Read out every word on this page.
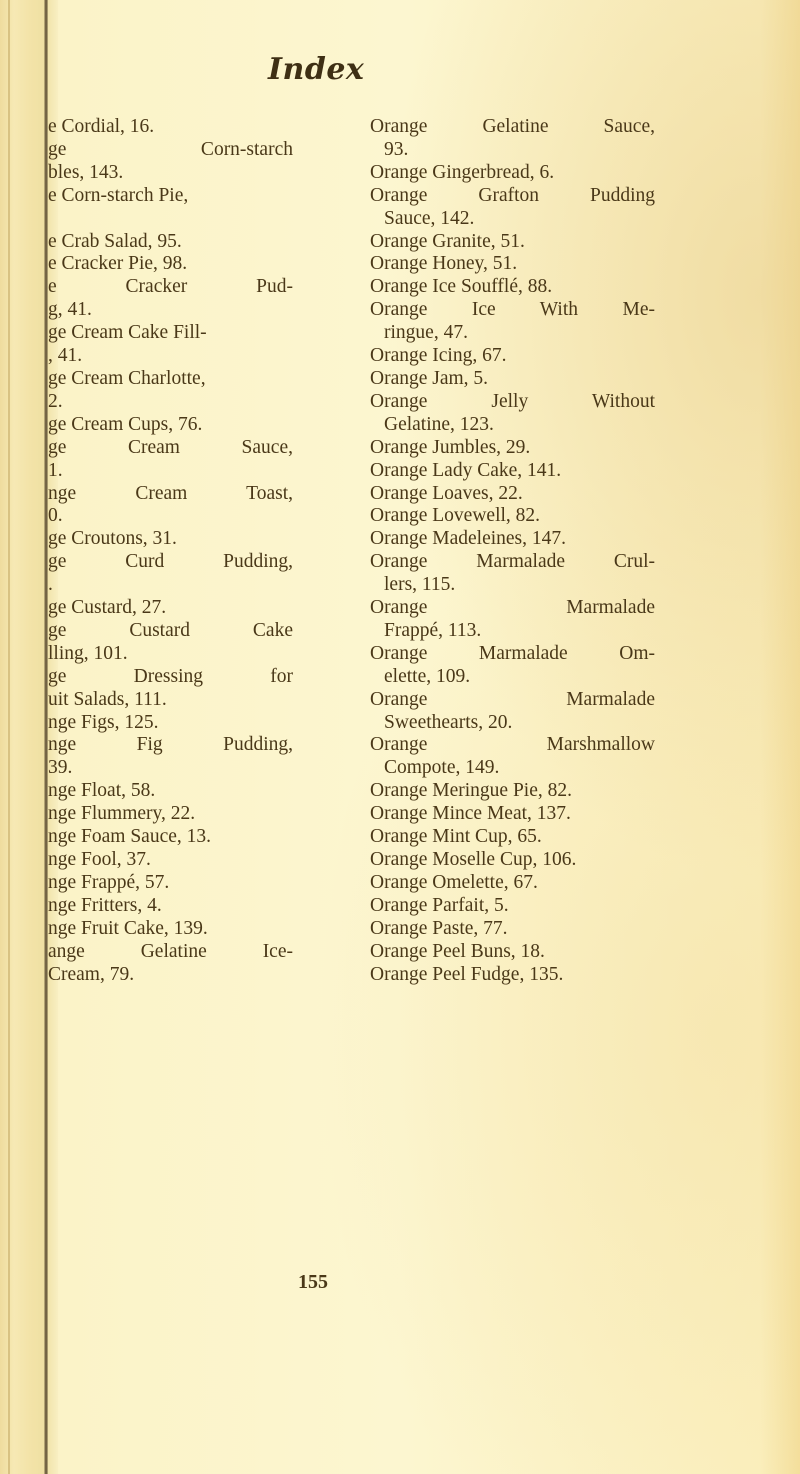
Index
e Cordial, 16.
ge Corn-starch
bles, 143.
e Corn-starch Pie,

e Crab Salad, 95.
e Cracker Pie, 98.
e Cracker Pud-
g, 41.
ge Cream Cake Fill-
, 41.
ge Cream Charlotte,
2.
ge Cream Cups, 76.
ge Cream Sauce,
1.
nge Cream Toast,
0.
ge Croutons, 31.
ge Curd Pudding,
.
ge Custard, 27.
ge Custard Cake
lling, 101.
ge Dressing for
uit Salads, 111.
nge Figs, 125.
nge Fig Pudding,
39.
nge Float, 58.
nge Flummery, 22.
nge Foam Sauce, 13.
nge Fool, 37.
nge Frappé, 57.
nge Fritters, 4.
nge Fruit Cake, 139.
ange Gelatine Ice-
Cream, 79.
Orange Gelatine Sauce,
93.
Orange Gingerbread, 6.
Orange Grafton Pudding
Sauce, 142.
Orange Granite, 51.
Orange Honey, 51.
Orange Ice Soufflé, 88.
Orange Ice With Me-
ringue, 47.
Orange Icing, 67.
Orange Jam, 5.
Orange Jelly Without
Gelatine, 123.
Orange Jumbles, 29.
Orange Lady Cake, 141.
Orange Loaves, 22.
Orange Lovewell, 82.
Orange Madeleines, 147.
Orange Marmalade Crul-
lers, 115.
Orange Marmalade
Frappé, 113.
Orange Marmalade Om-
elette, 109.
Orange Marmalade
Sweethearts, 20.
Orange Marshmallow
Compote, 149.
Orange Meringue Pie, 82.
Orange Mince Meat, 137.
Orange Mint Cup, 65.
Orange Moselle Cup, 106.
Orange Omelette, 67.
Orange Parfait, 5.
Orange Paste, 77.
Orange Peel Buns, 18.
Orange Peel Fudge, 135.
155
